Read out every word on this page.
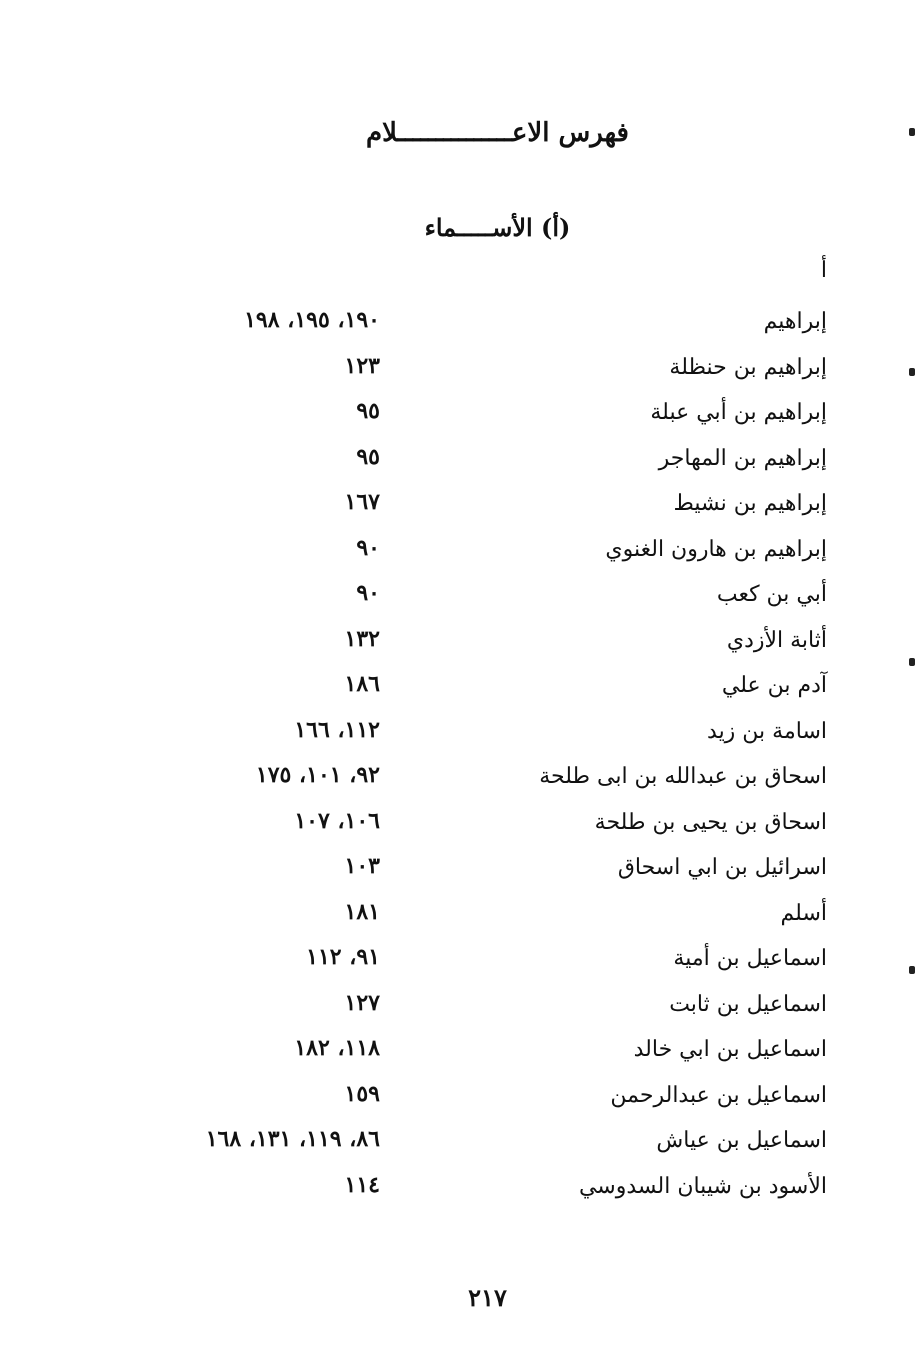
فهرس الاعـــــــــــــــلام
(أ) الأســـــماء
أ
إبراهيم
١٩٠، ١٩٥، ١٩٨
إبراهيم بن حنظلة
١٢٣
إبراهيم بن أبي عبلة
٩٥
إبراهيم بن المهاجر
٩٥
إبراهيم بن نشيط
١٦٧
إبراهيم بن هارون الغنوي
٩٠
أبي بن كعب
٩٠
أثابة الأزدي
١٣٢
آدم بن علي
١٨٦
اسامة بن زيد
١١٢، ١٦٦
اسحاق بن عبدالله بن ابى طلحة
٩٢، ١٠١، ١٧٥
اسحاق بن يحيى بن طلحة
١٠٦، ١٠٧
اسرائيل بن ابي اسحاق
١٠٣
أسلم
١٨١
اسماعيل بن أمية
٩١، ١١٢
اسماعيل بن ثابت
١٢٧
اسماعيل بن ابي خالد
١١٨، ١٨٢
اسماعيل بن عبدالرحمن
١٥٩
اسماعيل بن عياش
٨٦، ١١٩، ١٣١، ١٦٨
الأسود بن شيبان السدوسي
١١٤
٢١٧
